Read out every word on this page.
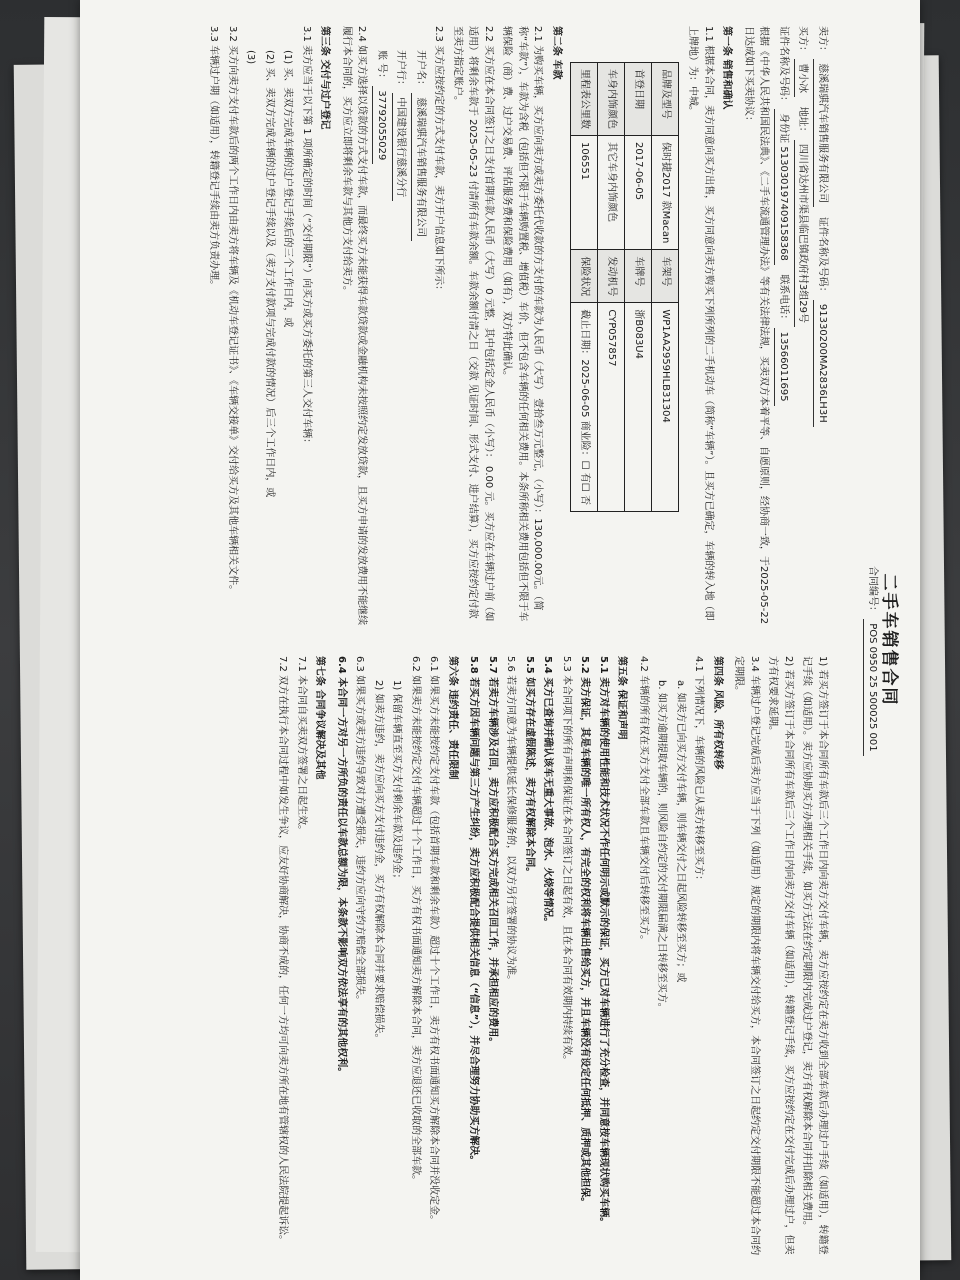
二手车销售合同
合同编号： POS 0950 25 500025 001

卖方： 慈溪瑞骐汽车销售服务有限公司   证件名称及号码： 91330200MA2836LH3H

买方： 曹小冰   地址： 四川省达州市渠县临巴镇政府村3组29号

证件名称及号码： 身份证 513030197409158368   联系电话： 13566011695

根据《中华人民共和国民法典》、《二手车流通管理办法》等有关法律法规，买卖双方本着平等、自愿原则，经协商一致，于2025-05-22日达成如下买卖协议：

第一条 销售和确认

1.1 根据本合同，卖方同意向买方出售，买方同意向卖方购买下列所列的二手机动车（简称“车辆”）。且买方已确定，车辆的转入地（即上牌地）为：中城。

品牌及型号	保时捷2017 款Macan	车架号	WP1AA2959HLB31304
首登日期	2017-06-05	车牌号	浙B083U4
车身内饰颜色	其它车身内饰颜色	发动机号	CYP057857
里程表公里数	106551	保险状况	截止日期：2025-06-05 商业险：☐ 有☐ 否
第二条 车款

2.1 为购买车辆，买方应向卖方或卖方委托代收款的方支付的车款为人民币（大写） 壹拾叁万元整元，（小写）：130,000.00元。（简称“车款”），车款为含税（包括但不限于车辆购置税、增值税）车价，但不包含车辆的任何相关费用。本条所称相关费用包括但不限于车辆保险（商）费、过户交易费、评估服务费和保险费用（如有），双方特此确认。

2.2 买方应在本合同签订之日支付首期车款人民币（大写） 0 元整，其中包括定金人民币（小写）： 0.00 元。买方应在车辆过户前（如适用）将剩余车款于 2025-05-23 付清所有车款余额。车款余额付清之日（交款 见证时间、形式支付、进户结算），买方应按约定付款至卖方指定账户。

2.3 买方应按约定的方式支付车款，卖方开户信息如下所示：

开户名： 慈溪瑞骐汽车销售服务有限公司

开户行： 中国建设银行慈溪分行

账 号： 37792055029

2.4 如买方选择以贷款的方式支付车款，而最终买方未能获得车款贷款或金融机构未按照约定发放贷款，且买方申请的发放费用不能继续履行本合同的，买方应立即将剩余车款与其他方支付给卖方。

第三条 交付与过户登记

3.1 卖方应当于以下第 1 项所确定的时间（“交付期限”）向买方或买方委托的第三人交付车辆：

(1) 买、卖双方完成车辆的过户登记手续后的三个工作日内，或

(2) 买、卖双方完成车辆的过户登记手续以及（卖方支付款项与完成付款的情况）后三个工作日内，或

(3)

3.2 买方向卖方支付车款后的两个工作日内由卖方将车辆及《机动车登记证书》、《车辆交接单》交付给买方及其他车辆相关文件。

3.3 车辆过户期（如适用），转籍登记手续由卖方负责办理。

1) 若买方签订于本合同所有车款后三个工作日内向卖方交付车辆，卖方应按约定在卖方收到全部车款后办理过户手续（如适用），转籍登记手续（如适用）。卖方应协助买方办理相关手续，如买方无法在约定期限内完成过户登记，卖方有权解除本合同并扣除相关费用。

2) 若买方签订于本合同所有车款后三个工作日内向卖方交付车辆（如适用），转籍登记手续，买方应按约定在交付完成后办理过户，但卖方有权要求延期。

3.4 车辆过户登记完成后卖方应当于下列（如适用）规定的期限内将车辆交付给买方，本合同签订之日起约定交付期限不能超过本合同约定期限。

第四条 风险、所有权转移

4.1 下列情况下，车辆的风险已从卖方转移至买方：

a. 如卖方已向买方交付车辆，则车辆交付之日起风险转移至买方；或

b. 如买方逾期提取车辆的，则风险自约定的交付期限届满之日转移至买方。

4.2 车辆的所有权在买方支付全部车款且车辆交付后转移至买方。

第五条 保证和声明

5.1 卖方对车辆的使用性能和技术状况不作任何明示或默示的保证，买方已对车辆进行了充分检查，并同意按车辆现状购买车辆。

5.2 卖方保证，其是车辆的唯一所有权人，有完全的权利将车辆出售给买方，并且车辆没有设定任何抵押、质押或其他担保。

5.3 本合同项下的所有声明和保证在本合同签订之日起有效，且在本合同有效期内持续有效。

5.4 买方已查询并确认该车无重大事故、泡水、火烧等情况。

5.5 如买方存在虚假陈述，卖方有权解除本合同。

5.6 若卖方同意为车辆提供延长保修服务的，以双方另行签署的协议为准。

5.7 若卖方车辆涉及召回，卖方应积极配合买方完成相关召回工作，并承担相应的费用。

5.8 若买方因车辆问题与第三方产生纠纷，卖方应积极配合提供相关信息（“信息”），并尽合理努力协助买方解决。

第六条 违约责任、责任限制

6.1 如果买方未能按约定支付车款（包括首期车款和剩余车款）超过十个工作日，卖方有权书面通知买方解除本合同并没收定金。

6.2 如果卖方未能按约定交付车辆超过十个工作日，买方有权书面通知卖方解除本合同，卖方应退还已收取的全部车款。

1) 保留车辆直至买方支付剩余车款及违约金；

2) 如卖方违约，卖方应向买方支付违约金，买方有权解除本合同并要求赔偿损失。

6.3 如果买方或卖方违约导致对方遭受损失，违约方应向守约方赔偿全部损失。

6.4 本合同一方对另一方所负的责任以车款总额为限，本条款不影响双方依法享有的其他权利。

第七条 合同争议解决及其他

7.1 本合同自买卖双方签署之日起生效。

7.2 双方在执行本合同过程中如发生争议，应友好协商解决，协商不成的，任何一方均可向卖方所在地有管辖权的人民法院提起诉讼。
